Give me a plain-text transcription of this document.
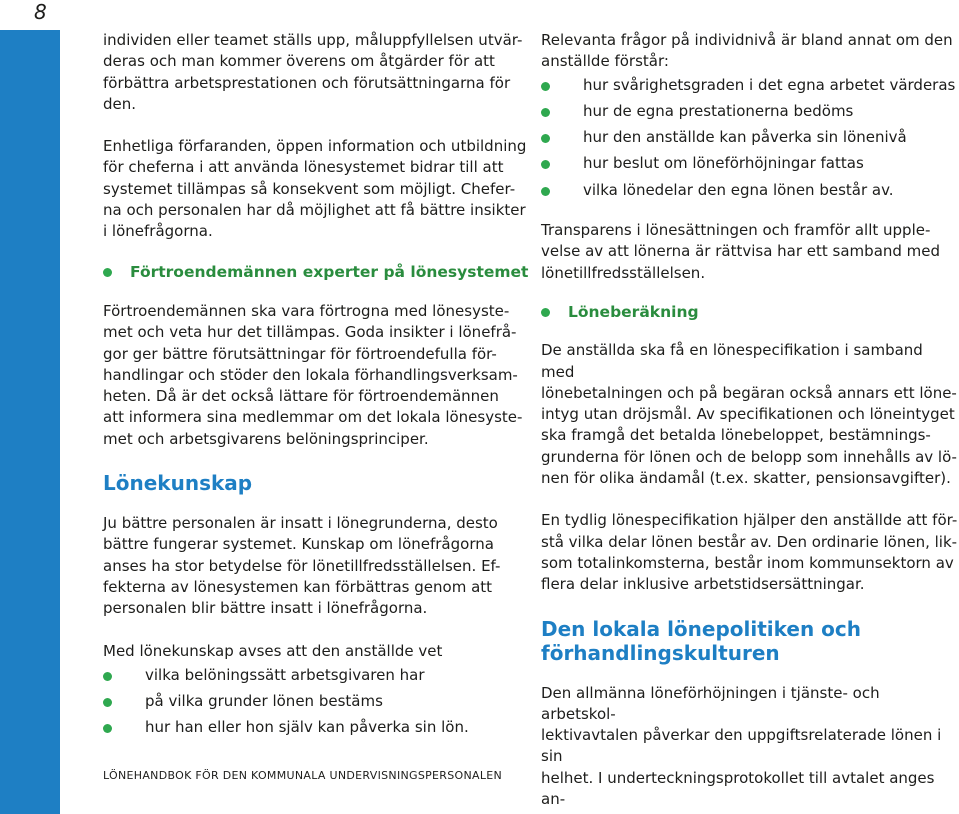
8

individen eller teamet ställs upp, måluppfyllelsen utvär-
deras och man kommer överens om åtgärder för att
förbättra arbetsprestationen och förutsättningarna för
den.

Enhetliga förfaranden, öppen information och utbildning
för cheferna i att använda lönesystemet bidrar till att
systemet tillämpas så konsekvent som möjligt. Chefer-
na och personalen har då möjlighet att få bättre insikter
i lönefrågorna.

Förtroendemännen experter på lönesystemet

Förtroendemännen ska vara förtrogna med lönesyste-
met och veta hur det tillämpas. Goda insikter i lönefrå-
gor ger bättre förutsättningar för förtroendefulla för-
handlingar och stöder den lokala förhandlingsverksam-
heten. Då är det också lättare för förtroendemännen
att informera sina medlemmar om det lokala lönesyste-
met och arbetsgivarens belöningsprinciper.

Lönekunskap

Ju bättre personalen är insatt i lönegrunderna, desto
bättre fungerar systemet. Kunskap om lönefrågorna
anses ha stor betydelse för lönetillfredsställelsen. Ef-
fekterna av lönesystemen kan förbättras genom att
personalen blir bättre insatt i lönefrågorna.

Med lönekunskap avses att den anställde vet

vilka belöningssätt arbetsgivaren har
på vilka grunder lönen bestäms
hur han eller hon själv kan påverka sin lön.

Relevanta frågor på individnivå är bland annat om den
anställde förstår:

hur svårighetsgraden i det egna arbetet värderas
hur de egna prestationerna bedöms
hur den anställde kan påverka sin lönenivå
hur beslut om löneförhöjningar fattas
vilka lönedelar den egna lönen består av.

Transparens i lönesättningen och framför allt upple-
velse av att lönerna är rättvisa har ett samband med
lönetillfredsställelsen.

Löneberäkning

De anställda ska få en lönespecifikation i samband med
lönebetalningen och på begäran också annars ett löne-
intyg utan dröjsmål. Av specifikationen och löneintyget
ska framgå det betalda lönebeloppet, bestämnings-
grunderna för lönen och de belopp som innehålls av lö-
nen för olika ändamål (t.ex. skatter, pensionsavgifter).

En tydlig lönespecifikation hjälper den anställde att för-
stå vilka delar lönen består av. Den ordinarie lönen, lik-
som totalinkomsterna, består inom kommunsektorn av
flera delar inklusive arbetstidsersättningar.

Den lokala lönepolitiken och
förhandlingskulturen

Den allmänna löneförhöjningen i tjänste- och arbetskol-
lektivavtalen påverkar den uppgiftsrelaterade lönen i sin
helhet. I underteckningsprotokollet till avtalet anges an-

LÖNEHANDBOK FÖR DEN KOMMUNALA UNDERVISNINGSPERSONALEN
